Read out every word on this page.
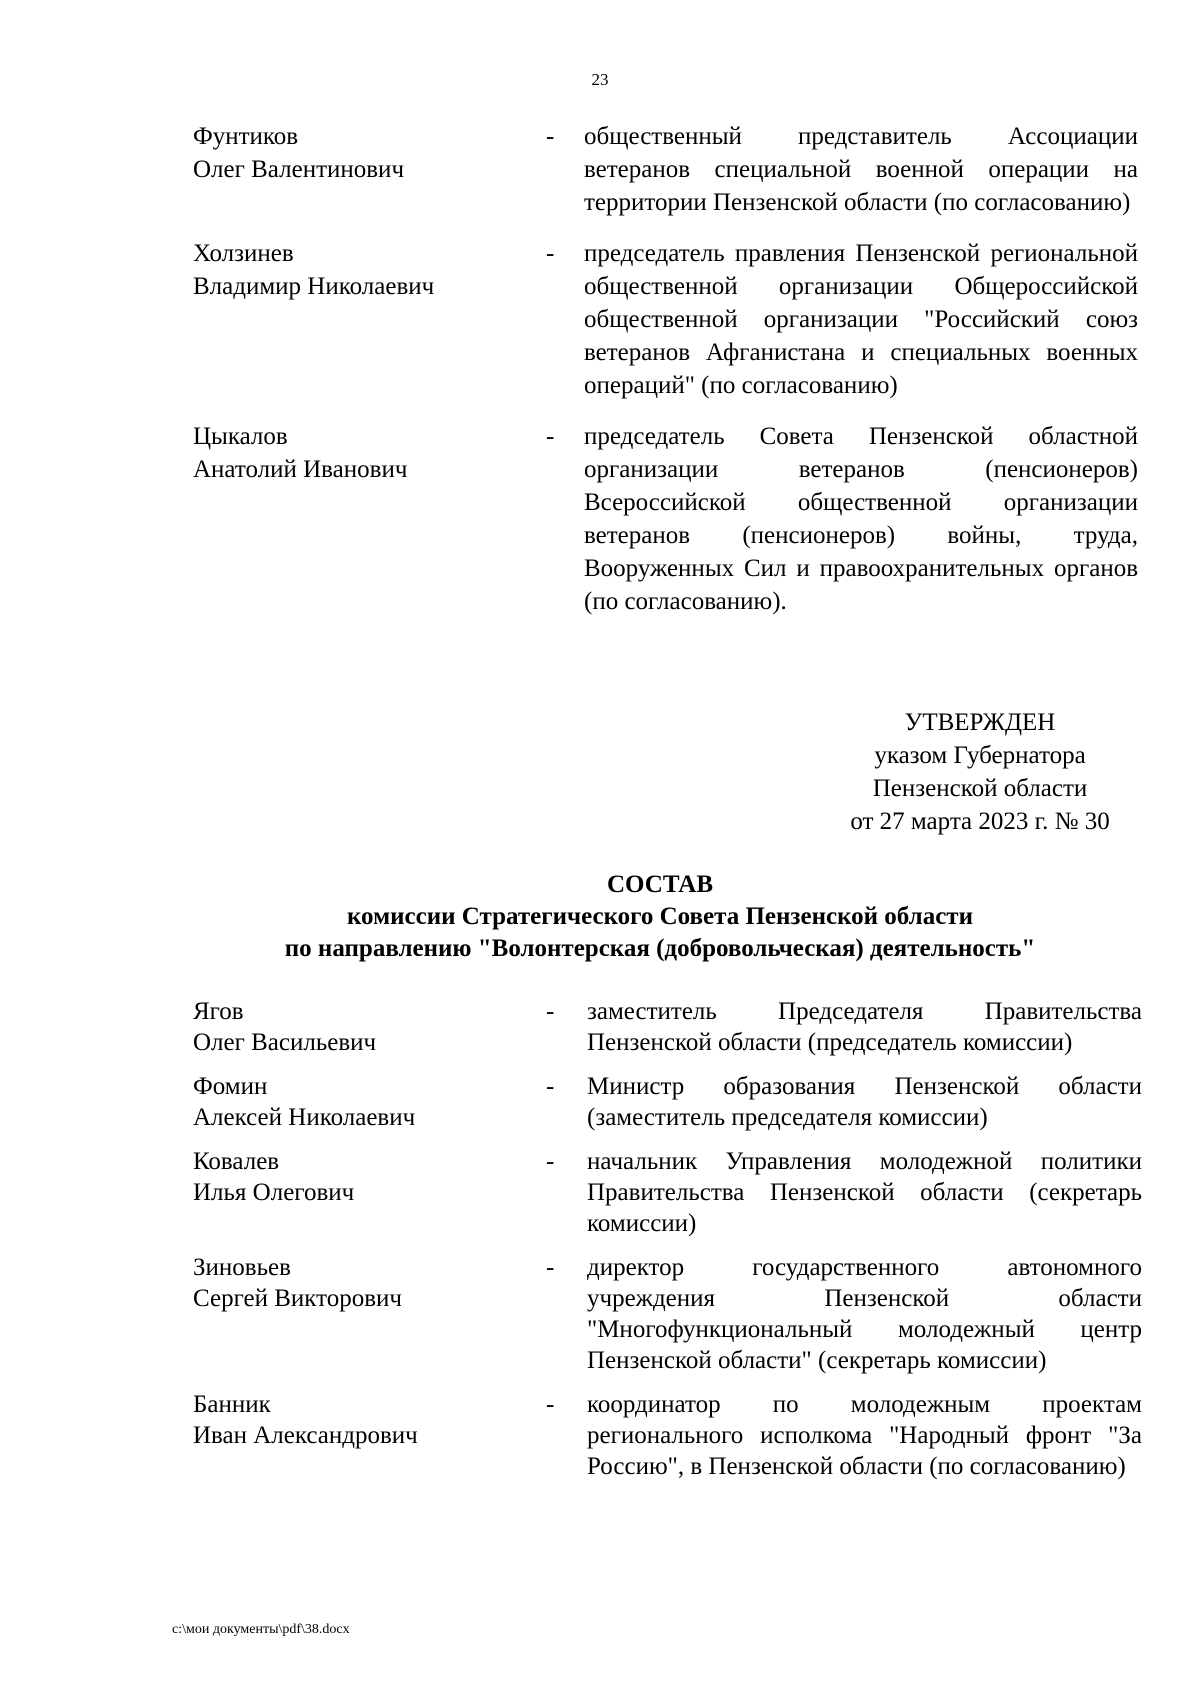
23
Фунтиков
Олег Валентинович
- общественный представитель Ассоциации ветеранов специальной военной операции на территории Пензенской области (по согласованию)
Холзинев
Владимир Николаевич
- председатель правления Пензенской региональной общественной организации Общероссийской общественной организации "Российский союз ветеранов Афганистана и специальных военных операций" (по согласованию)
Цыкалов
Анатолий Иванович
- председатель Совета Пензенской областной организации ветеранов (пенсионеров) Всероссийской общественной организации ветеранов (пенсионеров) войны, труда, Вооруженных Сил и правоохранительных органов (по согласованию).
УТВЕРЖДЕН
указом Губернатора
Пензенской области
от 27 марта 2023 г. № 30
СОСТАВ
комиссии Стратегического Совета Пензенской области
по направлению "Волонтерская (добровольческая) деятельность"
Ягов
Олег Васильевич
- заместитель Председателя Правительства Пензенской области (председатель комиссии)
Фомин
Алексей Николаевич
- Министр образования Пензенской области (заместитель председателя комиссии)
Ковалев
Илья Олегович
- начальник Управления молодежной политики Правительства Пензенской области (секретарь комиссии)
Зиновьев
Сергей Викторович
- директор государственного автономного учреждения Пензенской области "Многофункциональный молодежный центр Пензенской области" (секретарь комиссии)
Банник
Иван Александрович
- координатор по молодежным проектам регионального исполкома "Народный фронт "За Россию", в Пензенской области (по согласованию)
c:\мои документы\pdf\38.docx
